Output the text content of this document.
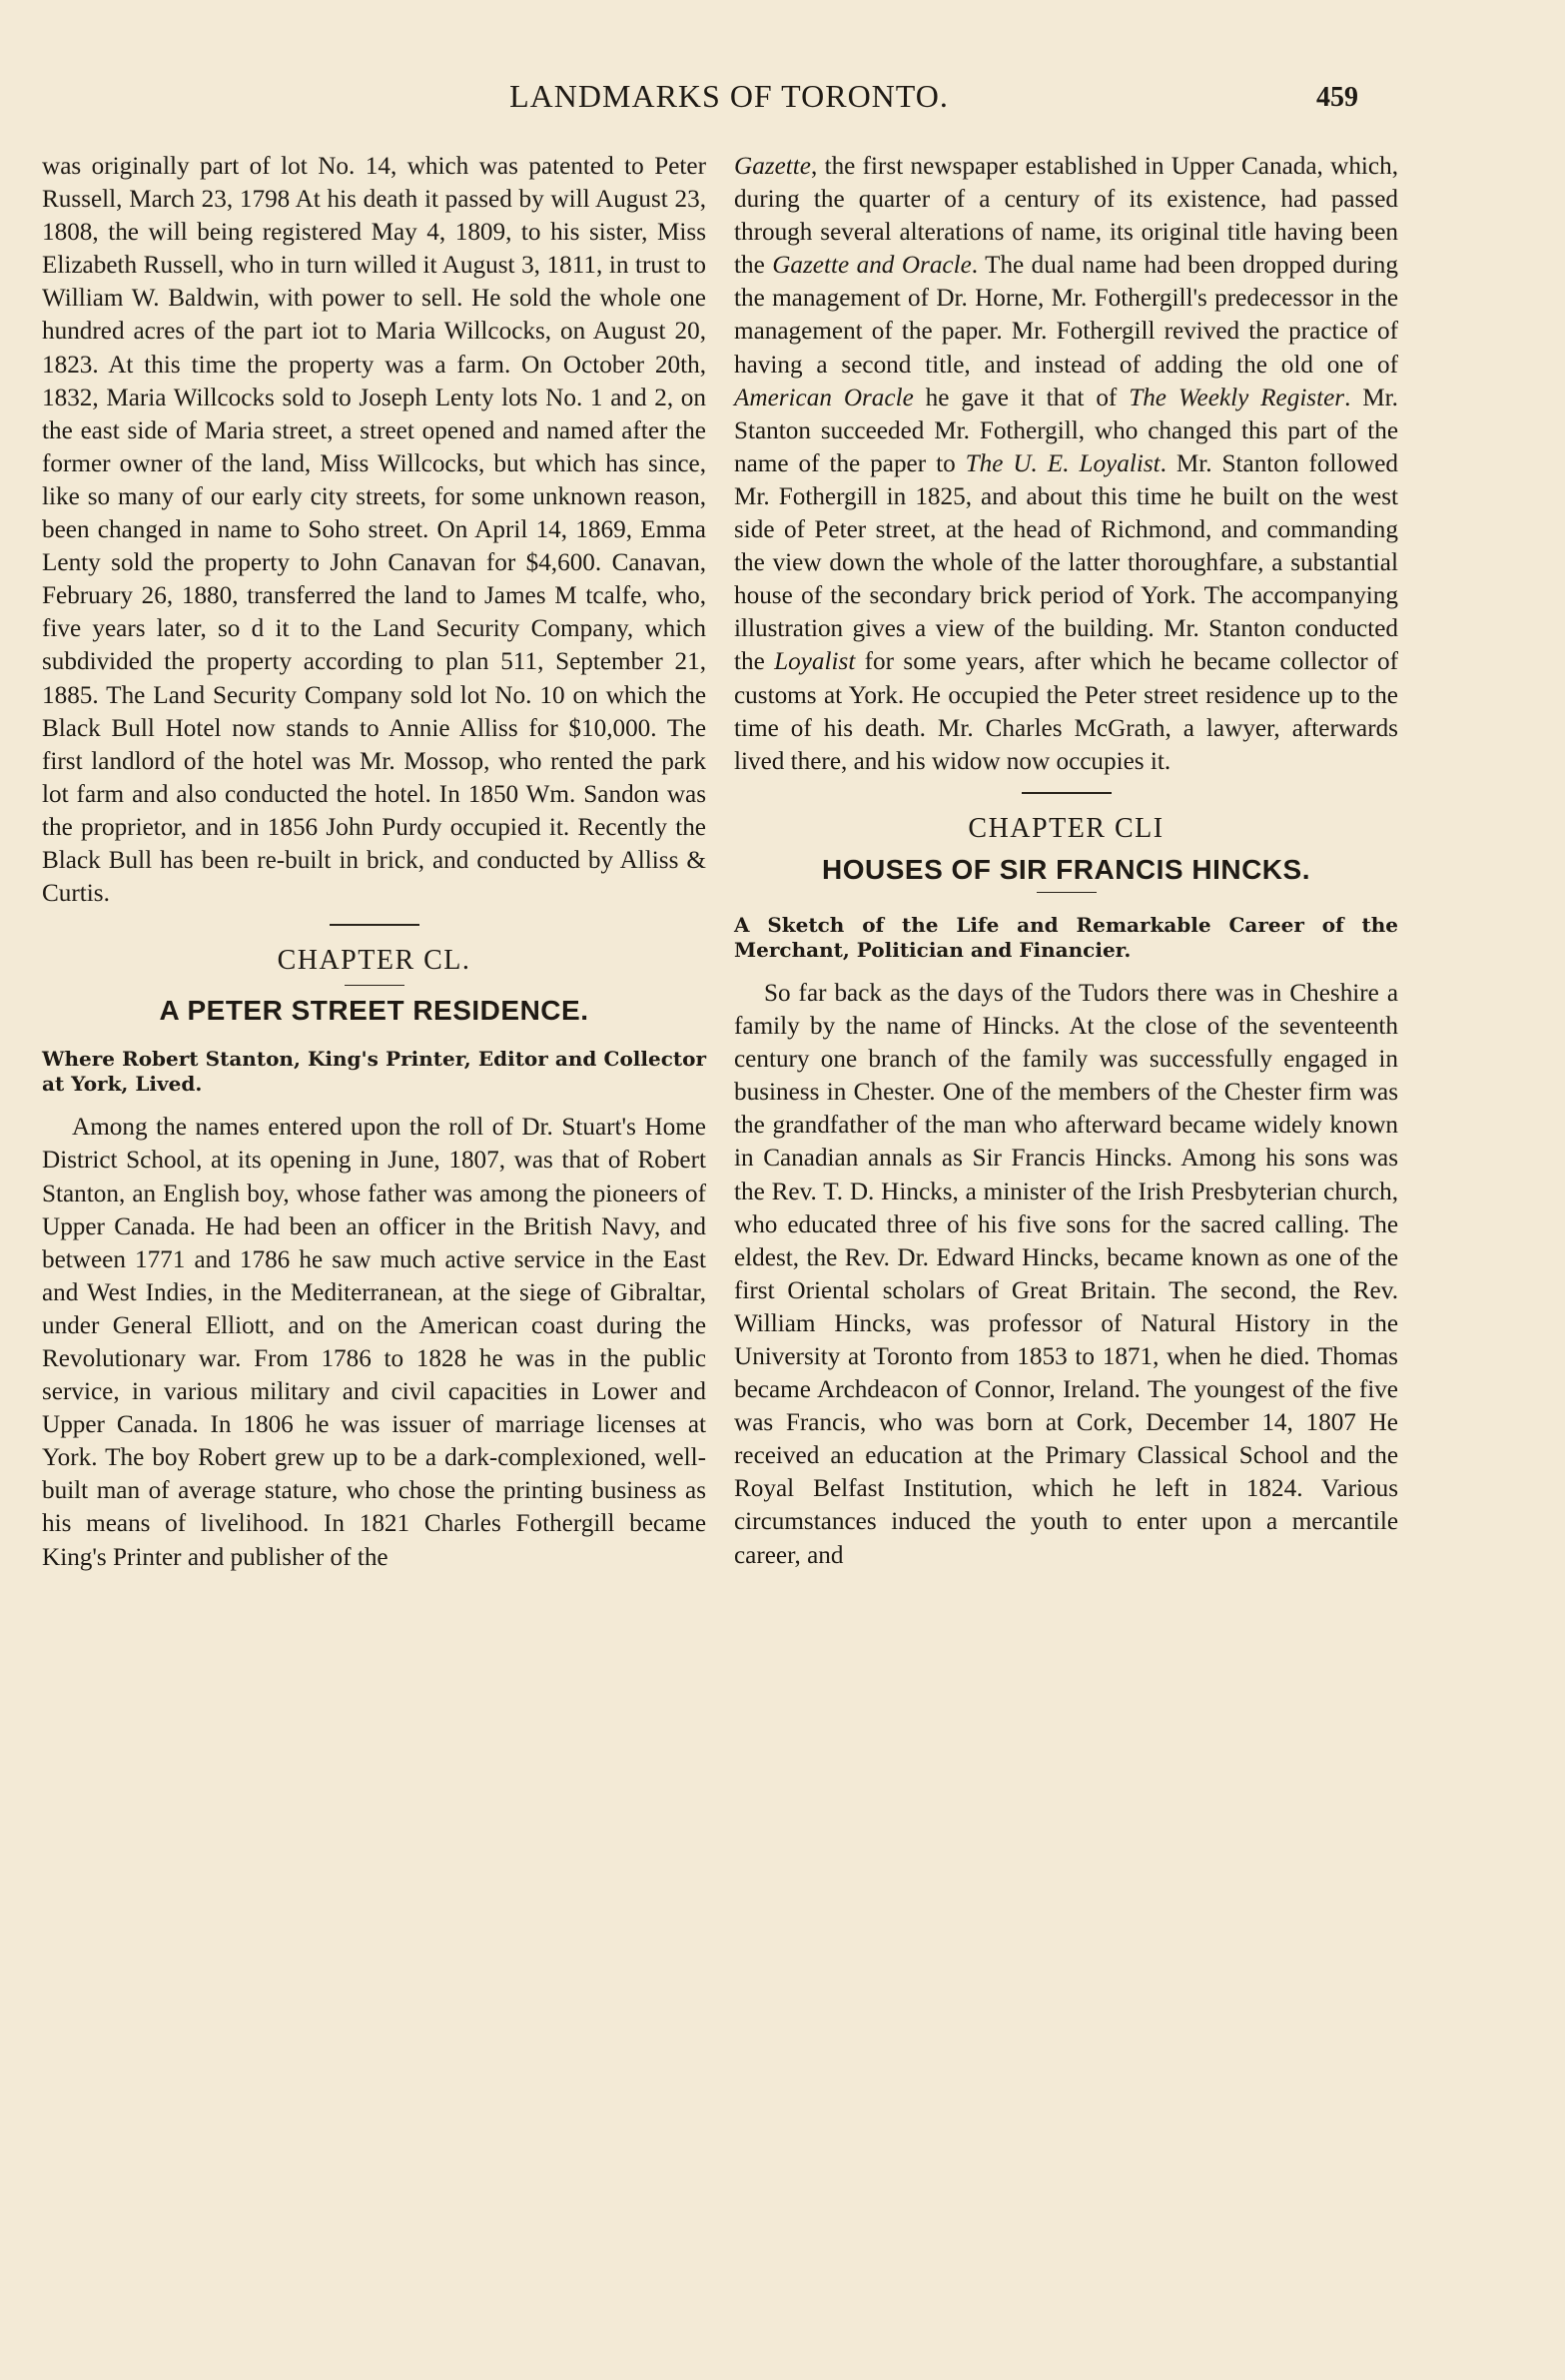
LANDMARKS OF TORONTO.	459

was originally part of lot No. 14, which was patented to Peter Russell, March 23, 1798 At his death it passed by will August 23, 1808, the will being registered May 4, 1809, to his sister, Miss Elizabeth Russell, who in turn willed it August 3, 1811, in trust to William W. Baldwin, with power to sell. He sold the whole one hundred acres of the part iot to Maria Willcocks, on August 20, 1823. At this time the property was a farm. On October 20th, 1832, Maria Willcocks sold to Joseph Lenty lots No. 1 and 2, on the east side of Maria street, a street opened and named after the former owner of the land, Miss Willcocks, but which has since, like so many of our early city streets, for some unknown reason, been changed in name to Soho street. On April 14, 1869, Emma Lenty sold the property to John Canavan for $4,600. Canavan, February 26, 1880, transferred the land to James M tcalfe, who, five years later, so d it to the Land Security Company, which subdivided the property according to plan 511, September 21, 1885. The Land Security Company sold lot No. 10 on which the Black Bull Hotel now stands to Annie Alliss for $10,000. The first landlord of the hotel was Mr. Mossop, who rented the park lot farm and also conducted the hotel. In 1850 Wm. Sandon was the proprietor, and in 1856 John Purdy occupied it. Recently the Black Bull has been re-built in brick, and conducted by Alliss & Curtis.

CHAPTER CL.
A PETER STREET RESIDENCE.
Where Robert Stanton, King's Printer, Editor and Collector at York, Lived.

Among the names entered upon the roll of Dr. Stuart's Home District School, at its opening in June, 1807, was that of Robert Stanton, an English boy, whose father was among the pioneers of Upper Canada. He had been an officer in the British Navy, and between 1771 and 1786 he saw much active service in the East and West Indies, in the Mediterranean, at the siege of Gibraltar, under General Elliott, and on the American coast during the Revolutionary war. From 1786 to 1828 he was in the public service, in various military and civil capacities in Lower and Upper Canada. In 1806 he was issuer of marriage licenses at York. The boy Robert grew up to be a dark-complexioned, well-built man of average stature, who chose the printing business as his means of livelihood. In 1821 Charles Fothergill became King's Printer and publisher of the

Gazette, the first newspaper established in Upper Canada, which, during the quarter of a century of its existence, had passed through several alterations of name, its original title having been the Gazette and Oracle. The dual name had been dropped during the management of Dr. Horne, Mr. Fothergill's predecessor in the management of the paper. Mr. Fothergill revived the practice of having a second title, and instead of adding the old one of American Oracle he gave it that of The Weekly Register. Mr. Stanton succeeded Mr. Fothergill, who changed this part of the name of the paper to The U. E. Loyalist. Mr. Stanton followed Mr. Fothergill in 1825, and about this time he built on the west side of Peter street, at the head of Richmond, and commanding the view down the whole of the latter thoroughfare, a substantial house of the secondary brick period of York. The accompanying illustration gives a view of the building. Mr. Stanton conducted the Loyalist for some years, after which he became collector of customs at York. He occupied the Peter street residence up to the time of his death. Mr. Charles McGrath, a lawyer, afterwards lived there, and his widow now occupies it.

CHAPTER CLI
HOUSES OF SIR FRANCIS HINCKS.
A Sketch of the Life and Remarkable Career of the Merchant, Politician and Financier.

So far back as the days of the Tudors there was in Cheshire a family by the name of Hincks. At the close of the seventeenth century one branch of the family was successfully engaged in business in Chester. One of the members of the Chester firm was the grandfather of the man who afterward became widely known in Canadian annals as Sir Francis Hincks. Among his sons was the Rev. T. D. Hincks, a minister of the Irish Presbyterian church, who educated three of his five sons for the sacred calling. The eldest, the Rev. Dr. Edward Hincks, became known as one of the first Oriental scholars of Great Britain. The second, the Rev. William Hincks, was professor of Natural History in the University at Toronto from 1853 to 1871, when he died. Thomas became Archdeacon of Connor, Ireland. The youngest of the five was Francis, who was born at Cork, December 14, 1807 He received an education at the Primary Classical School and the Royal Belfast Institution, which he left in 1824. Various circumstances induced the youth to enter upon a mercantile career, and
